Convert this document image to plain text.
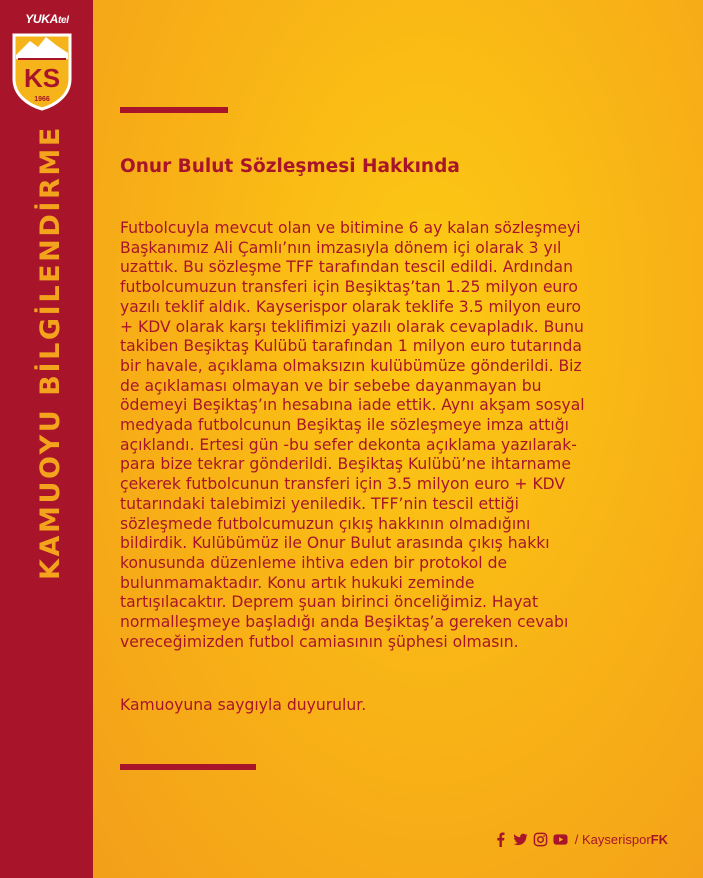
YUKAtel
KS
1966
KAMUOYU BİLGİLENDİRME	Onur Bulut Sözleşmesi Hakkında
Futbolcuyla mevcut olan ve bitimine 6 ay kalan sözleşmeyi
Başkanımız Ali Çamlı’nın imzasıyla dönem içi olarak 3 yıl
uzattık. Bu sözleşme TFF tarafından tescil edildi. Ardından
futbolcumuzun transferi için Beşiktaş’tan 1.25 milyon euro
yazılı teklif aldık. Kayserispor olarak teklife 3.5 milyon euro
+ KDV olarak karşı teklifimizi yazılı olarak cevapladık. Bunu
takiben Beşiktaş Kulübü tarafından 1 milyon euro tutarında
bir havale, açıklama olmaksızın kulübümüze gönderildi. Biz
de açıklaması olmayan ve bir sebebe dayanmayan bu
ödemeyi Beşiktaş’ın hesabına iade ettik. Aynı akşam sosyal
medyada futbolcunun Beşiktaş ile sözleşmeye imza attığı
açıklandı. Ertesi gün -bu sefer dekonta açıklama yazılarak-
para bize tekrar gönderildi. Beşiktaş Kulübü’ne ihtarname
çekerek futbolcunun transferi için 3.5 milyon euro + KDV
tutarındaki talebimizi yeniledik. TFF’nin tescil ettiği
sözleşmede futbolcumuzun çıkış hakkının olmadığını
bildirdik. Kulübümüz ile Onur Bulut arasında çıkış hakkı
konusunda düzenleme ihtiva eden bir protokol de
bulunmamaktadır. Konu artık hukuki zeminde
tartışılacaktır. Deprem şuan birinci önceliğimiz. Hayat
normalleşmeye başladığı anda Beşiktaş’a gereken cevabı
vereceğimizden futbol camiasının şüphesi olmasın.
Kamuoyuna saygıyla duyurulur.
/ KayserisporFK
